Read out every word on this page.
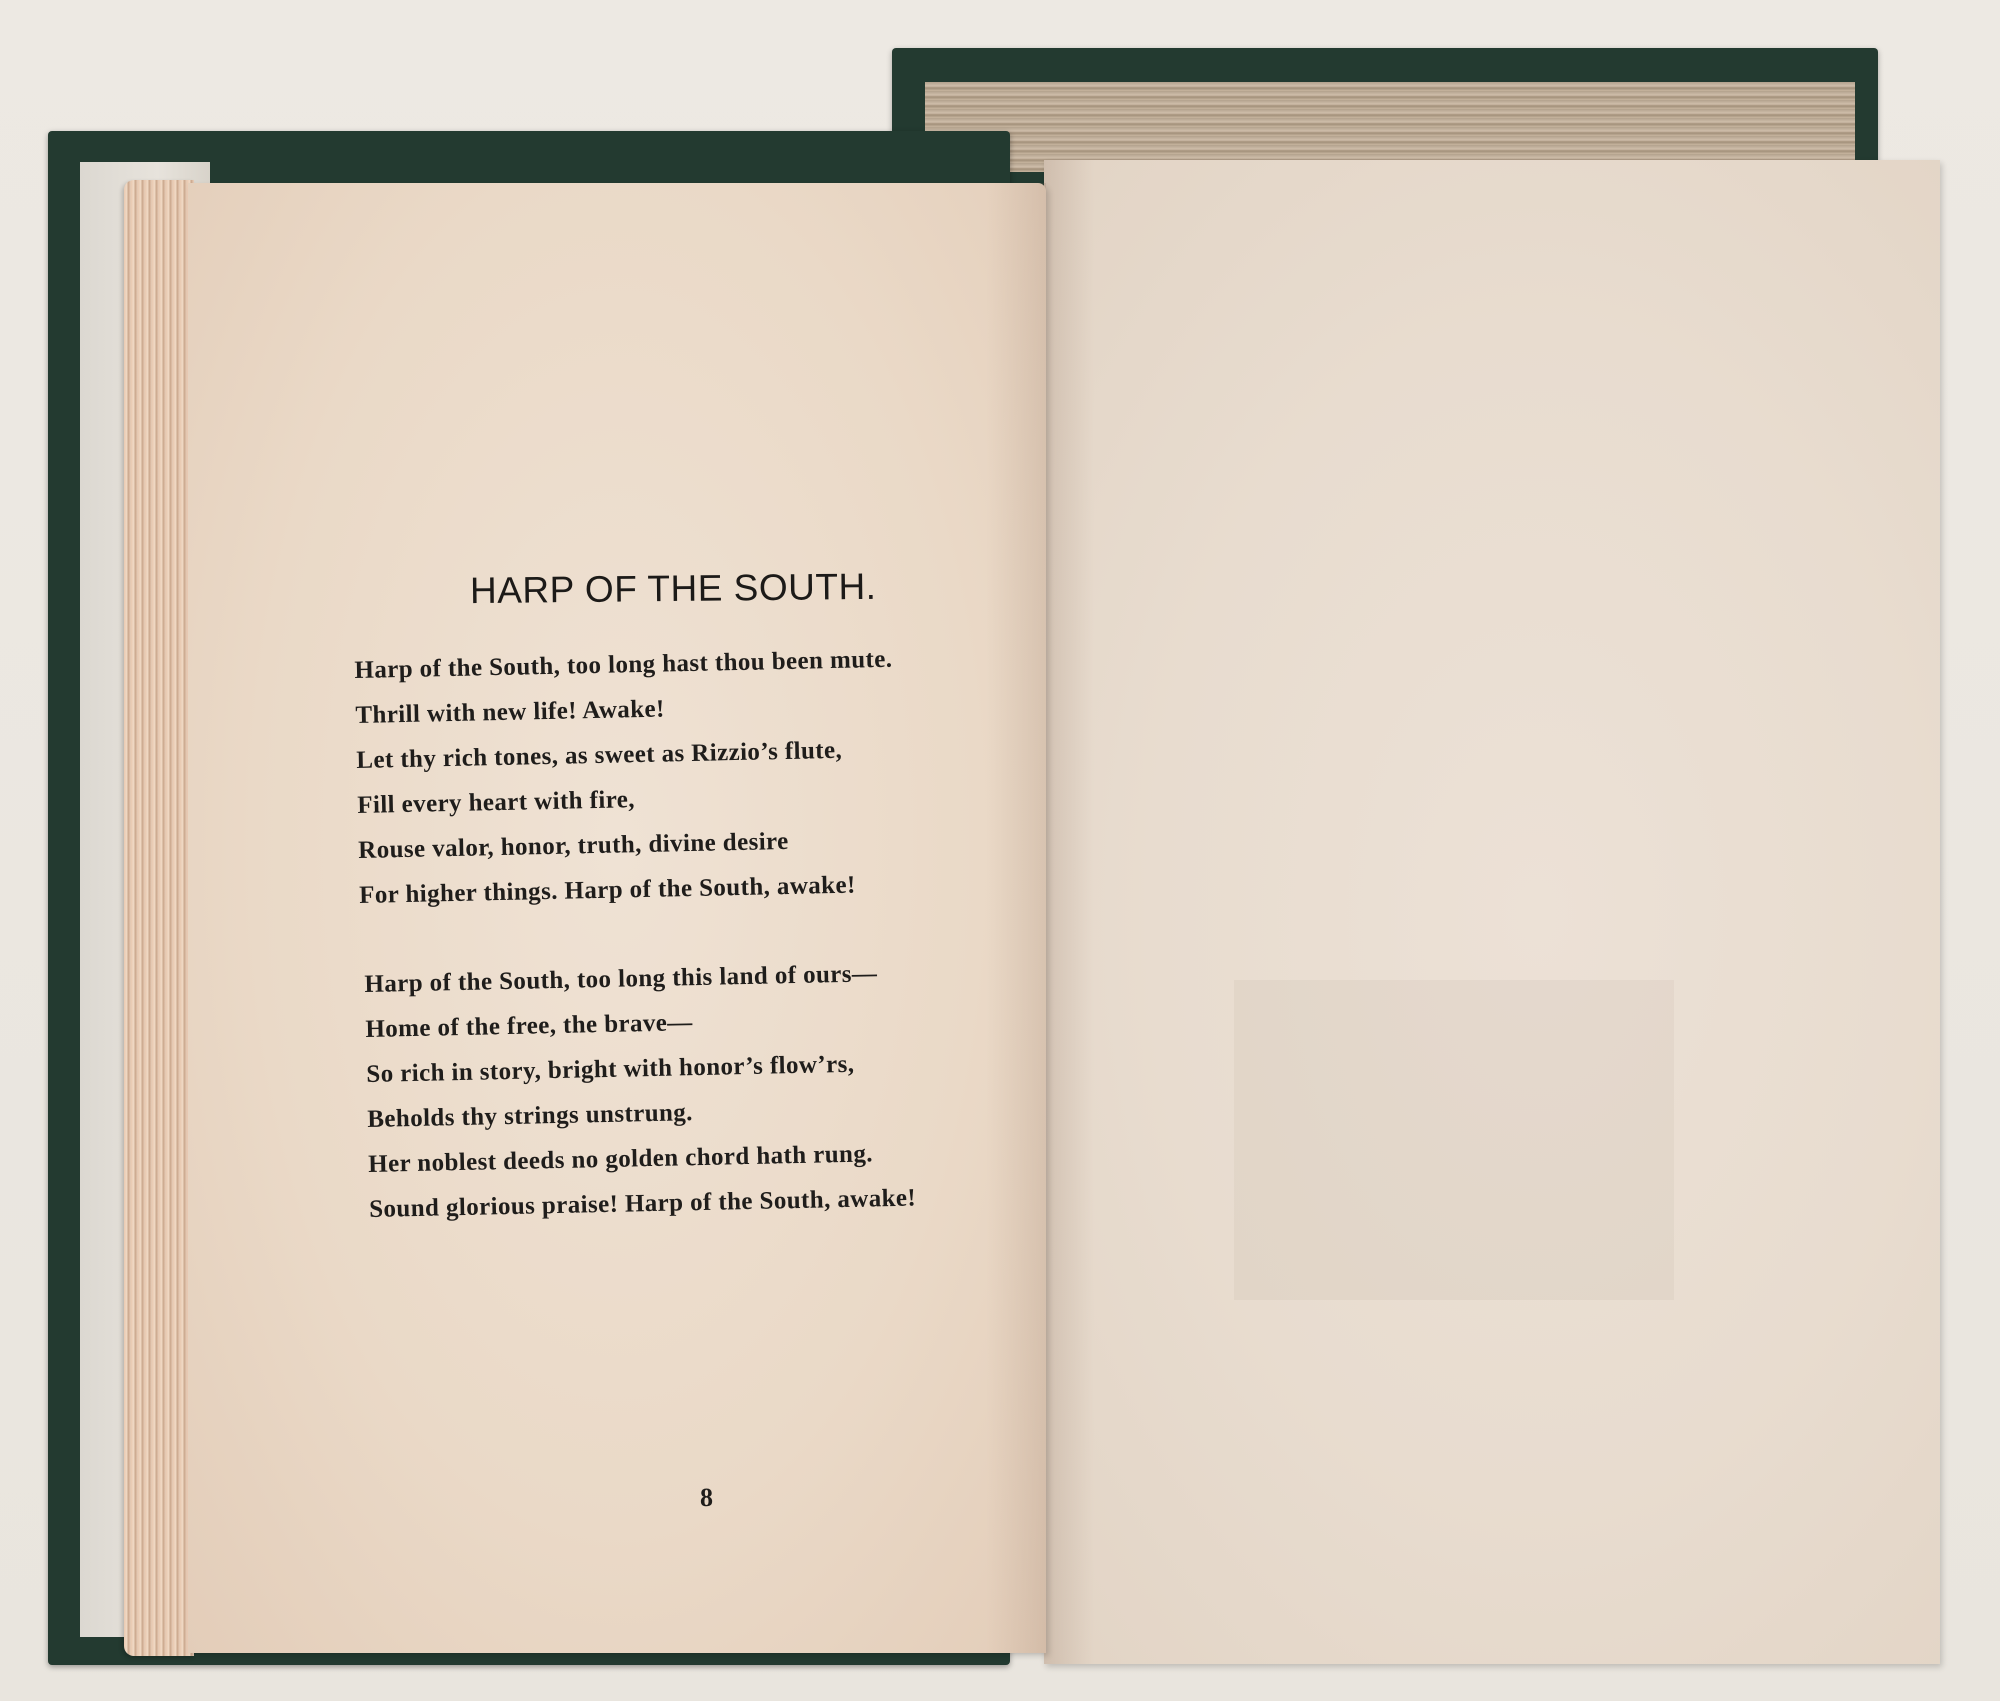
HARP OF THE SOUTH.
Harp of the South, too long hast thou been mute.
Thrill with new life! Awake!
Let thy rich tones, as sweet as Rizzio’s flute,
Fill every heart with fire,
Rouse valor, honor, truth, divine desire
For higher things. Harp of the South, awake!
Harp of the South, too long this land of ours—
Home of the free, the brave—
So rich in story, bright with honor’s flow’rs,
Beholds thy strings unstrung.
Her noblest deeds no golden chord hath rung.
Sound glorious praise! Harp of the South, awake!
8
